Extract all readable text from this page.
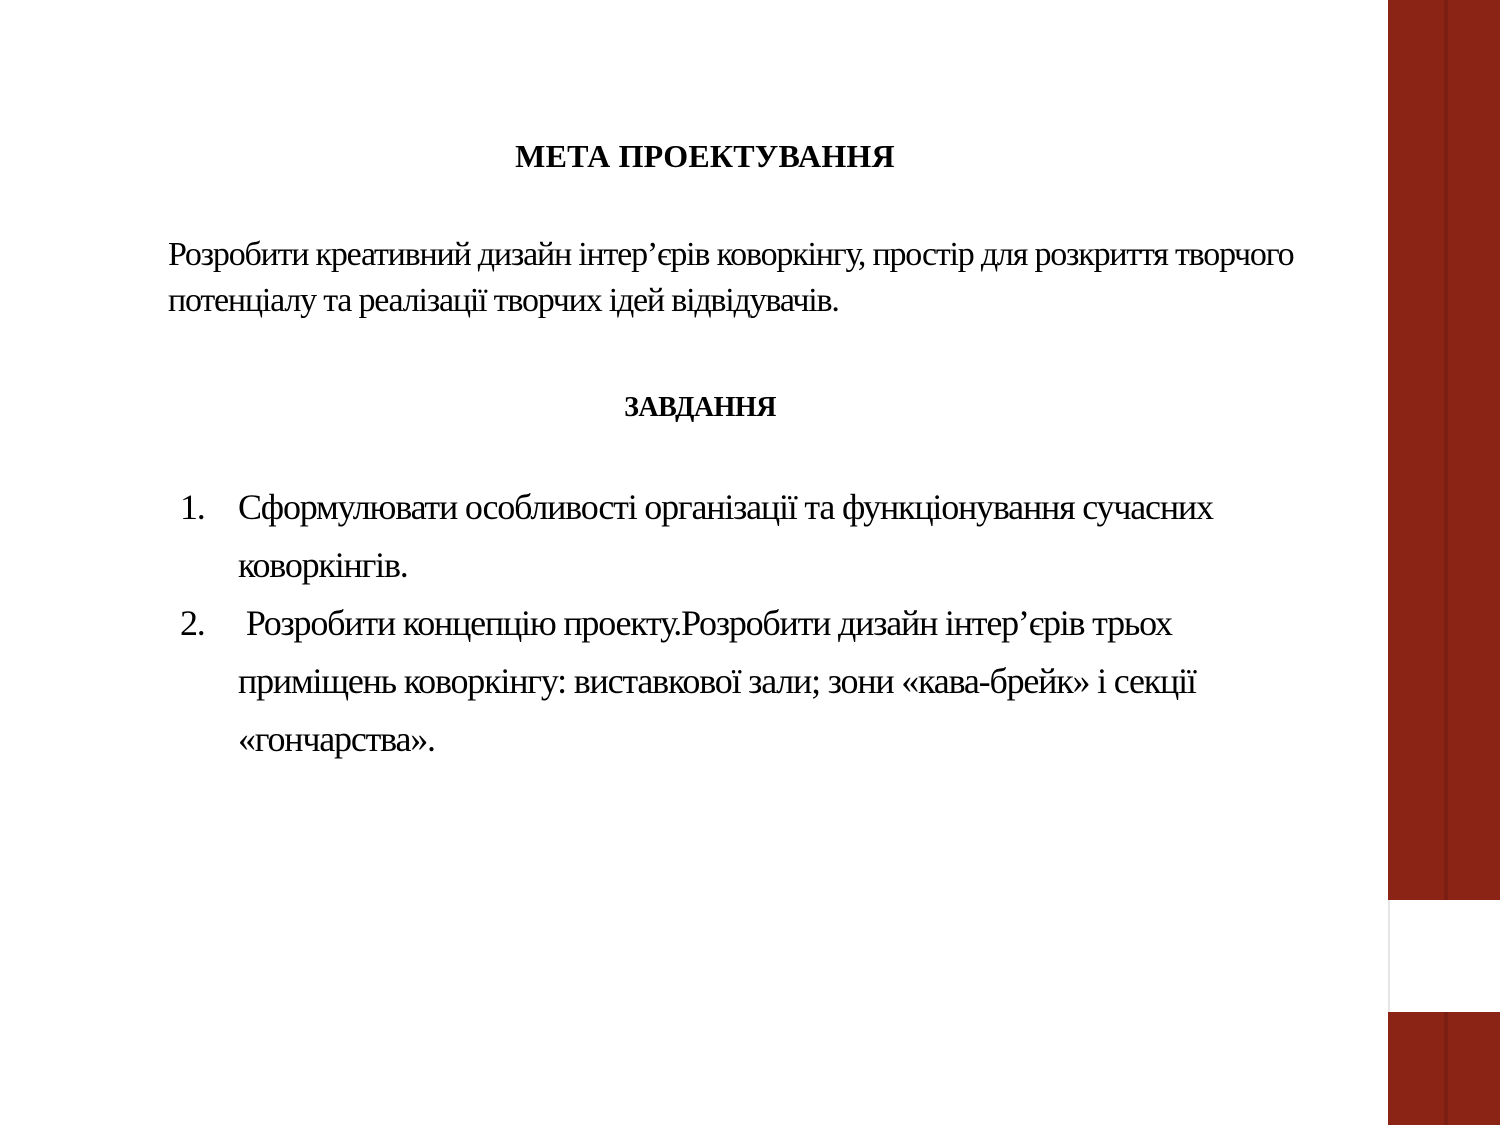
МЕТА ПРОЕКТУВАННЯ
Розробити креативний дизайн інтер’єрів коворкінгу, простір для розкриття творчого потенціалу та реалізації творчих ідей відвідувачів.
ЗАВДАННЯ
1. Сформулювати особливості організації та функціонування сучасних коворкінгів.
2. Розробити концепцію проекту.Розробити дизайн інтер’єрів трьох приміщень коворкінгу: виставкової зали; зони «кава-брейк» і секції «гончарства».
